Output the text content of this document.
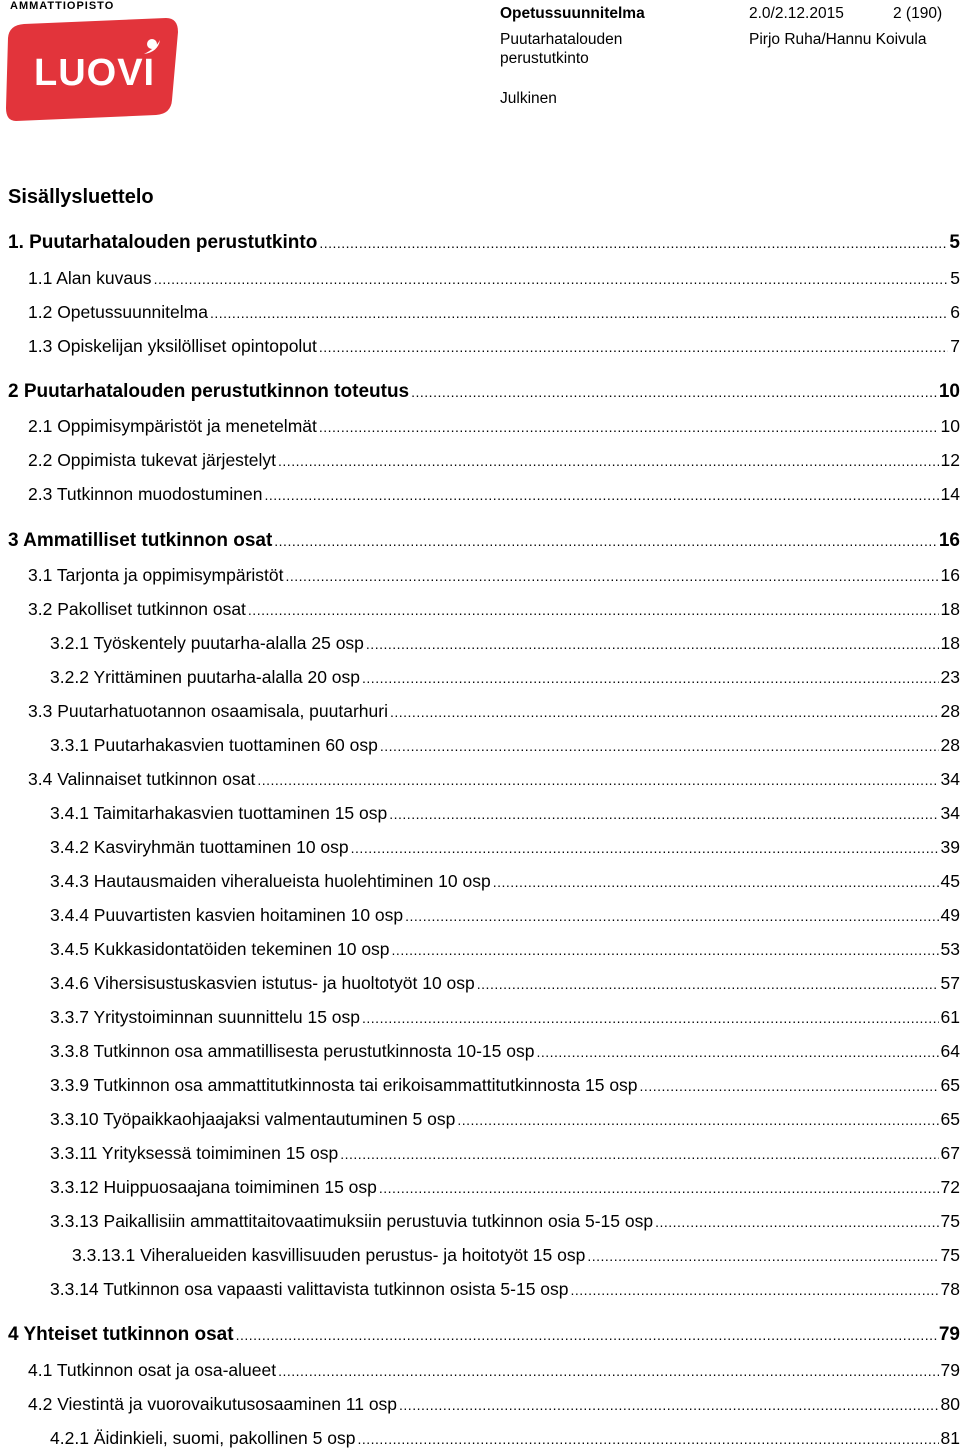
AMMATTIOPISTO
LUOVI
Opetussuunnitelma
Puutarhatalouden
perustutkinto
Julkinen
2.0/2.12.2015	2 (190)
Pirjo Ruha/Hannu Koivula
Sisällysluettelo
1. Puutarhatalouden perustutkinto .....	5
1.1 Alan kuvaus .....	5
1.2 Opetussuunnitelma .....	6
1.3 Opiskelijan yksilölliset opintopolut .....	7
2 Puutarhatalouden perustutkinnon toteutus .....	10
2.1 Oppimisympäristöt ja menetelmät .....	10
2.2 Oppimista tukevat järjestelyt .....	12
2.3 Tutkinnon muodostuminen .....	14
3 Ammatilliset tutkinnon osat .....	16
3.1 Tarjonta ja oppimisympäristöt .....	16
3.2 Pakolliset tutkinnon osat .....	18
3.2.1 Työskentely puutarha-alalla 25 osp .....	18
3.2.2 Yrittäminen puutarha-alalla 20 osp .....	23
3.3 Puutarhatuotannon osaamisala, puutarhuri .....	28
3.3.1 Puutarhakasvien tuottaminen 60 osp .....	28
3.4 Valinnaiset tutkinnon osat .....	34
3.4.1 Taimitarhakasvien tuottaminen 15 osp .....	34
3.4.2 Kasviryhmän tuottaminen 10 osp .....	39
3.4.3 Hautausmaiden viheralueista huolehtiminen 10 osp .....	45
3.4.4 Puuvartisten kasvien hoitaminen 10 osp .....	49
3.4.5 Kukkasidontatöiden tekeminen 10 osp .....	53
3.4.6 Vihersisustuskasvien istutus- ja huoltotyöt 10 osp .....	57
3.3.7 Yritystoiminnan suunnittelu 15 osp .....	61
3.3.8 Tutkinnon osa ammatillisesta perustutkinnosta 10-15 osp .....	64
3.3.9 Tutkinnon osa ammattitutkinnosta tai erikoisammattitutkinnosta 15 osp .....	65
3.3.10 Työpaikkaohjaajaksi valmentautuminen 5 osp .....	65
3.3.11 Yrityksessä toimiminen 15 osp .....	67
3.3.12 Huippuosaajana toimiminen 15 osp .....	72
3.3.13 Paikallisiin ammattitaitovaatimuksiin perustuvia tutkinnon osia 5-15 osp .....	75
3.3.13.1 Viheralueiden kasvillisuuden perustus- ja hoitotyöt 15 osp .....	75
3.3.14 Tutkinnon osa vapaasti valittavista tutkinnon osista 5-15 osp .....	78
4 Yhteiset tutkinnon osat .....	79
4.1 Tutkinnon osat ja osa-alueet .....	79
4.2 Viestintä ja vuorovaikutusosaaminen 11 osp .....	80
4.2.1 Äidinkieli, suomi, pakollinen 5 osp .....	81
